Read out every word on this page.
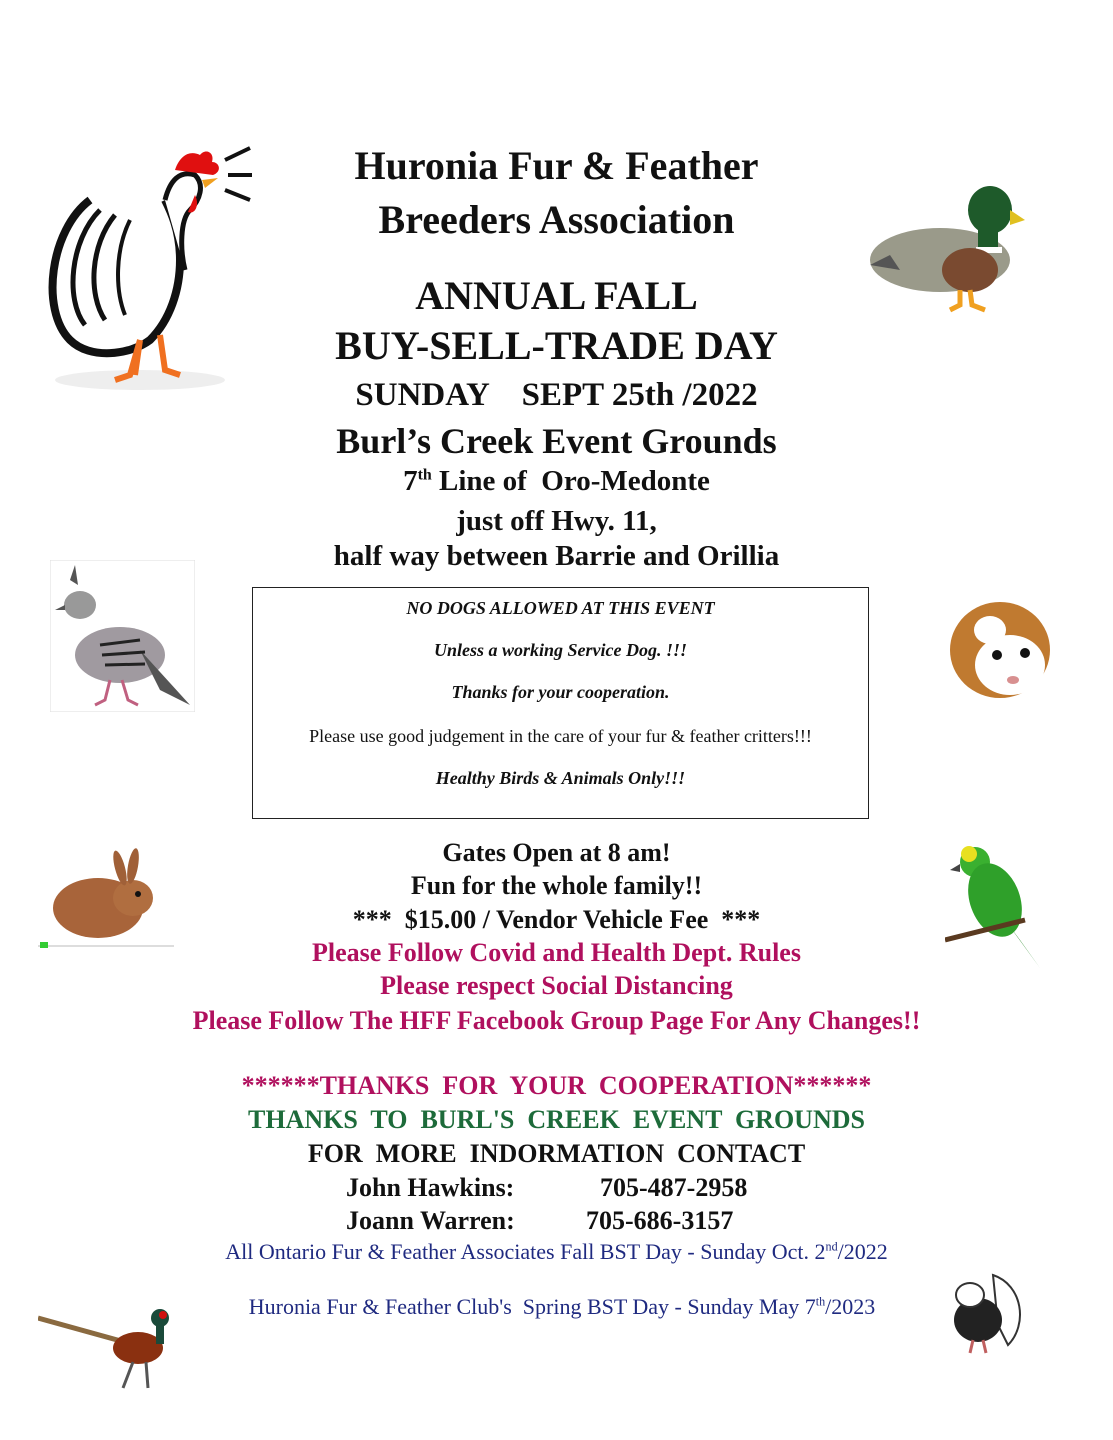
Huronia Fur & Feather
Breeders Association
ANNUAL FALL
BUY-SELL-TRADE DAY
SUNDAY    SEPT 25th /2022
Burl’s Creek Event Grounds
7th Line of  Oro-Medonte
just off Hwy. 11,
half way between Barrie and Orillia
NO DOGS ALLOWED AT THIS EVENT
Unless a working Service Dog. !!!
Thanks for your cooperation.
Please use good judgement in the care of your fur & feather critters!!!
Healthy Birds & Animals Only!!!
Gates Open at 8 am!
Fun for the whole family!!
***  $15.00 / Vendor Vehicle Fee  ***
Please Follow Covid and Health Dept. Rules
Please respect Social Distancing
Please Follow The HFF Facebook Group Page For Any Changes!!
******THANKS  FOR  YOUR  COOPERATION******
THANKS  TO  BURL'S  CREEK  EVENT  GROUNDS
FOR  MORE  INDORMATION  CONTACT
John Hawkins:	705-487-2958
Joann Warren:	705-686-3157
All Ontario Fur & Feather Associates Fall BST Day - Sunday Oct. 2nd/2022

Huronia Fur & Feather Club's  Spring BST Day - Sunday May 7th/2023
